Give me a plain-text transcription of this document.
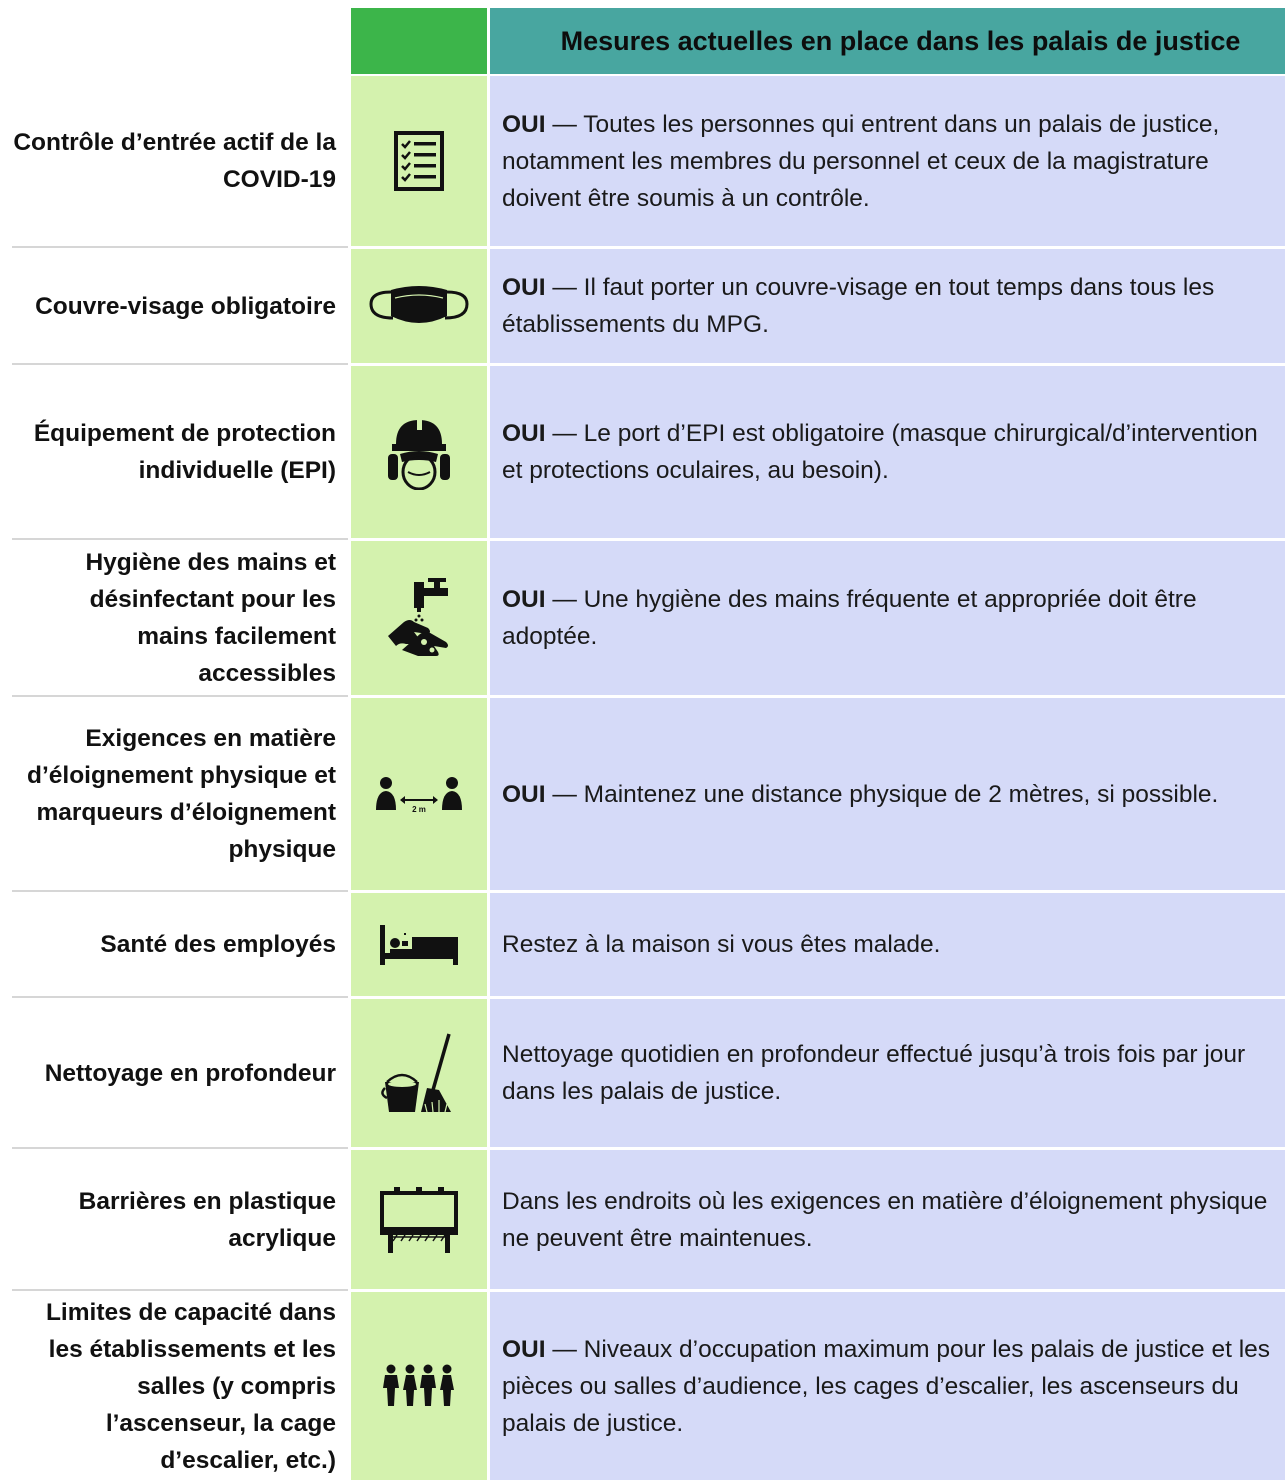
Mesures actuelles en place dans les palais de justice
Contrôle d’entrée actif de la COVID-19
OUI — Toutes les personnes qui entrent dans un palais de justice, notamment les membres du personnel et ceux de la magistrature doivent être soumis à un contrôle.
Couvre-visage obligatoire
OUI — Il faut porter un couvre-visage en tout temps dans tous les établissements du MPG.
Équipement de protection individuelle (EPI)
OUI — Le port d’EPI est obligatoire (masque chirurgical/d’intervention et protections oculaires, au besoin).
Hygiène des mains et désinfectant pour les mains facilement accessibles
OUI — Une hygiène des mains fréquente et appropriée doit être adoptée.
Exigences en matière d’éloignement physique et marqueurs d’éloignement physique
2 m
OUI — Maintenez une distance physique de 2 mètres, si possible.
Santé des employés	Restez à la maison si vous êtes malade.
Nettoyage en profondeur
Nettoyage quotidien en profondeur effectué jusqu’à trois fois par jour dans les palais de justice.
Barrières en plastique acrylique
Dans les endroits où les exigences en matière d’éloignement physique ne peuvent être maintenues.
Limites de capacité dans les établissements et les salles (y compris l’ascenseur, la cage d’escalier, etc.)
OUI — Niveaux d’occupation maximum pour les palais de justice et les pièces ou salles d’audience, les cages d’escalier, les ascenseurs du palais de justice.
